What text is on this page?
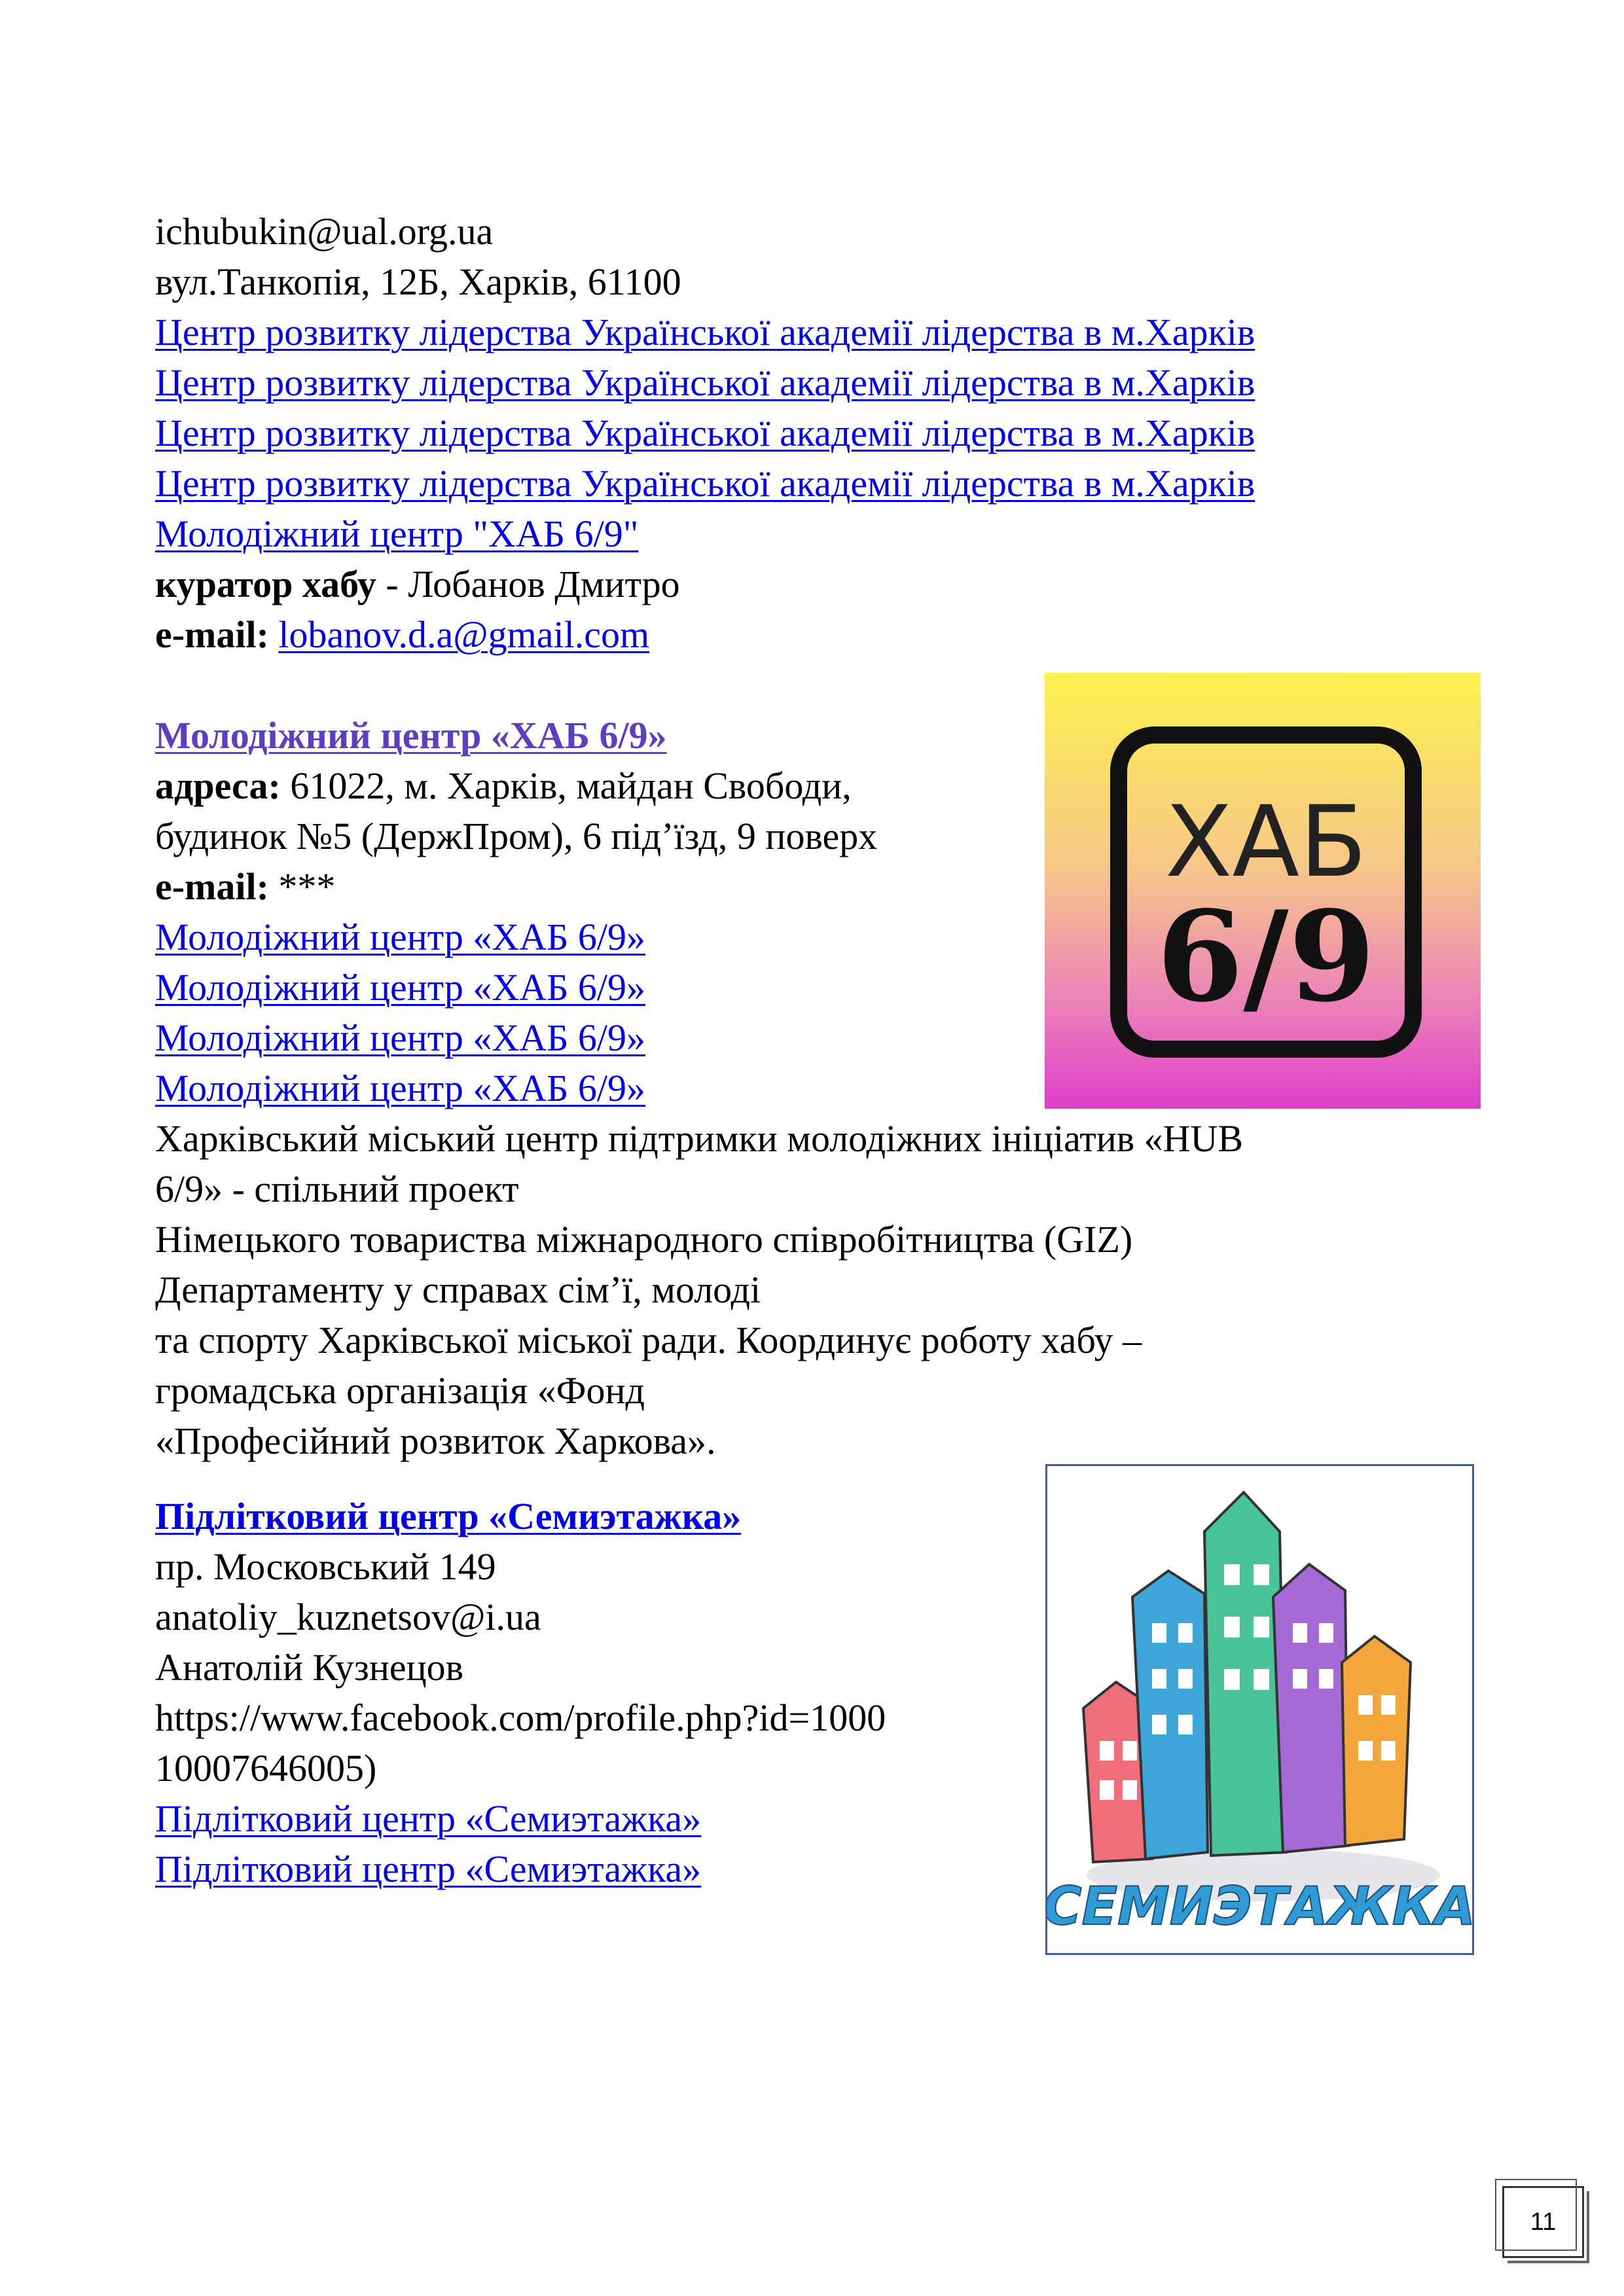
ichubukin@ual.org.ua
вул.Танкопія, 12Б, Харків, 61100
Центр розвитку лідерства Української академії лідерства в м.Харків
Центр розвитку лідерства Української академії лідерства в м.Харків
Центр розвитку лідерства Української академії лідерства в м.Харків
Центр розвитку лідерства Української академії лідерства в м.Харків
Молодіжний центр "ХАБ 6/9"
куратор хабу - Лобанов Дмитро
e-mail: lobanov.d.a@gmail.com
Молодіжний центр «ХАБ 6/9»
адреса: 61022, м. Харків, майдан Свободи,
будинок №5 (ДержПром), 6 під’їзд, 9 поверх
e-mail: ***
Молодіжний центр «ХАБ 6/9»
Молодіжний центр «ХАБ 6/9»
Молодіжний центр «ХАБ 6/9»
Молодіжний центр «ХАБ 6/9»
Харківський міський центр підтримки молодіжних ініціатив «HUB
6/9» - спільний проект
Німецького товариства міжнародного співробітництва (GIZ)
Департаменту у справах сім’ї, молоді
та спорту Харківської міської ради. Координує роботу хабу –
громадська організація «Фонд
«Професійний розвиток Харкова».
ХАБ
6/9
Підлітковий центр «Семиэтажка»
пр. Московський 149
anatoliy_kuznetsov@i.ua
Анатолій Кузнецов
https://www.facebook.com/profile.php?id=1000
10007646005)
Підлітковий центр «Семиэтажка»
Підлітковий центр «Семиэтажка»
СЕМИЭТАЖКА
11
